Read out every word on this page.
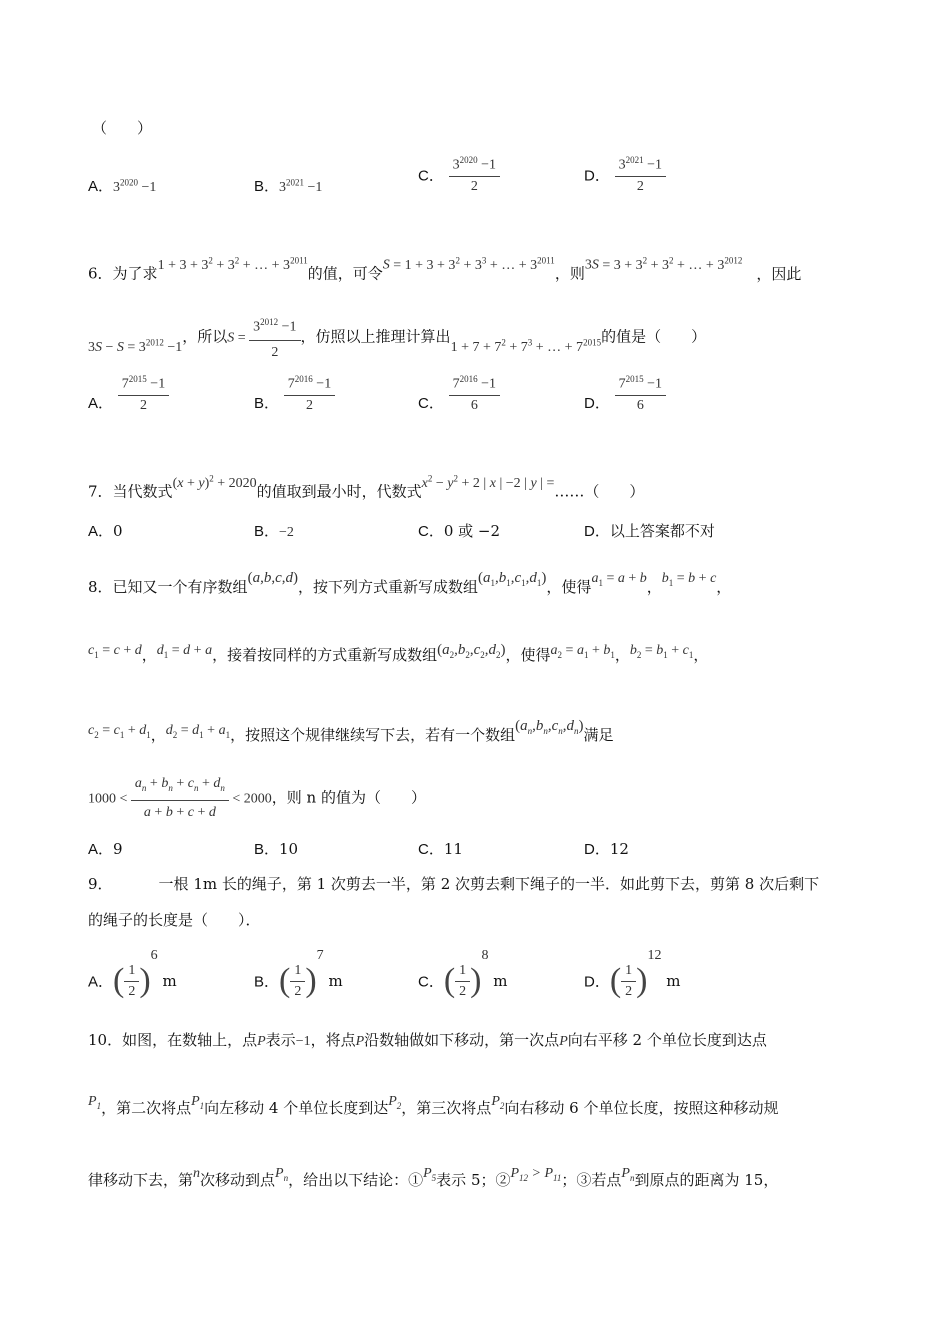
（　　）
A．$3^{2020} -1$	B．$3^{2021} -1$
C． $\frac{3^{2020} -1}{2}$	D． $\frac{3^{2021} -1}{2}$
6．为了求$1 + 3 + 3^2 + 3^2$ + … + $3^{2011}$的值，可令$S = 1 + 3 + 3^2 + 3^3$ + … + $3^{2011}$，则$3S = 3 + 3^2 + 3^2$ + … + $3^{2012}$，因此
$3S - S = 3^{2012} -1$，所以$S = \frac{3^{2012} -1}{2}$ ，仿照以上推理计算出$1 + 7 + 7^2 + 7^3$ + … + $7^{2015}$的值是（　　）
A． $\frac{7^{2015} -1}{2}$	B． $\frac{7^{2016} -1}{2}$	C． $\frac{7^{2016} -1}{6}$	D． $\frac{7^{2015} -1}{6}$
7．当代数式$(x + y)^2 + 2020$的值取到最小时，代数式$x^2 - y^2 + 2$ | x | −2 | y | =……（　　）
A．0	B．−2	C．0 或 −2	D．以上答案都不对
8．已知又一个有序数组(a,b,c,d)，按下列方式重新写成数组$(a_1,b_1,c_1,d_1)$，使得$a_1 = a + b$，$b_1 = b + c$，
$c_1 = c + d$，$d_1 = d + a$，接着按同样的方式重新写成数组$(a_2,b_2,c_2,d_2)$，使得$a_2 = a_1 + b_1$，$b_2 = b_1 + c_1$，
$c_2 = c_1 + d_1$，$d_2 = d_1 + a_1$，按照这个规律继续写下去，若有一个数组$(a_n,b_n,c_n,d_n)$满足
$1000 < \frac{a_n + b_n + c_n + d_n}{a + b + c + d} < 2000$，则 n 的值为（　　）
A．9	B．10	C．11	D．12
9．	一根 1m 长的绳子，第 1 次剪去一半，第 2 次剪去剩下绳子的一半．如此剪下去，剪第 8 次后剩下
的绳子的长度是（　　）．
A．( $\frac{1}{2} )^6$ m	B．( $\frac{1}{2} )^7$ m	C．( $\frac{1}{2} )^8$ m	D．( $\frac{1}{2} )^{12}$ m
10．如图，在数轴上，点P表示−1，将点P沿数轴做如下移动，第一次点P向右平移 2 个单位长度到达点
$P_1$，第二次将点$P_1$向左移动 4 个单位长度到达$P_2$，第三次将点$P_2$向右移动 6 个单位长度，按照这种移动规
律移动下去，第n次移动到点$P_n$，给出以下结论：$①P_5$表示 5；$②P_{12} > P_{11}$；③若点$P_n$到原点的距离为 15，
